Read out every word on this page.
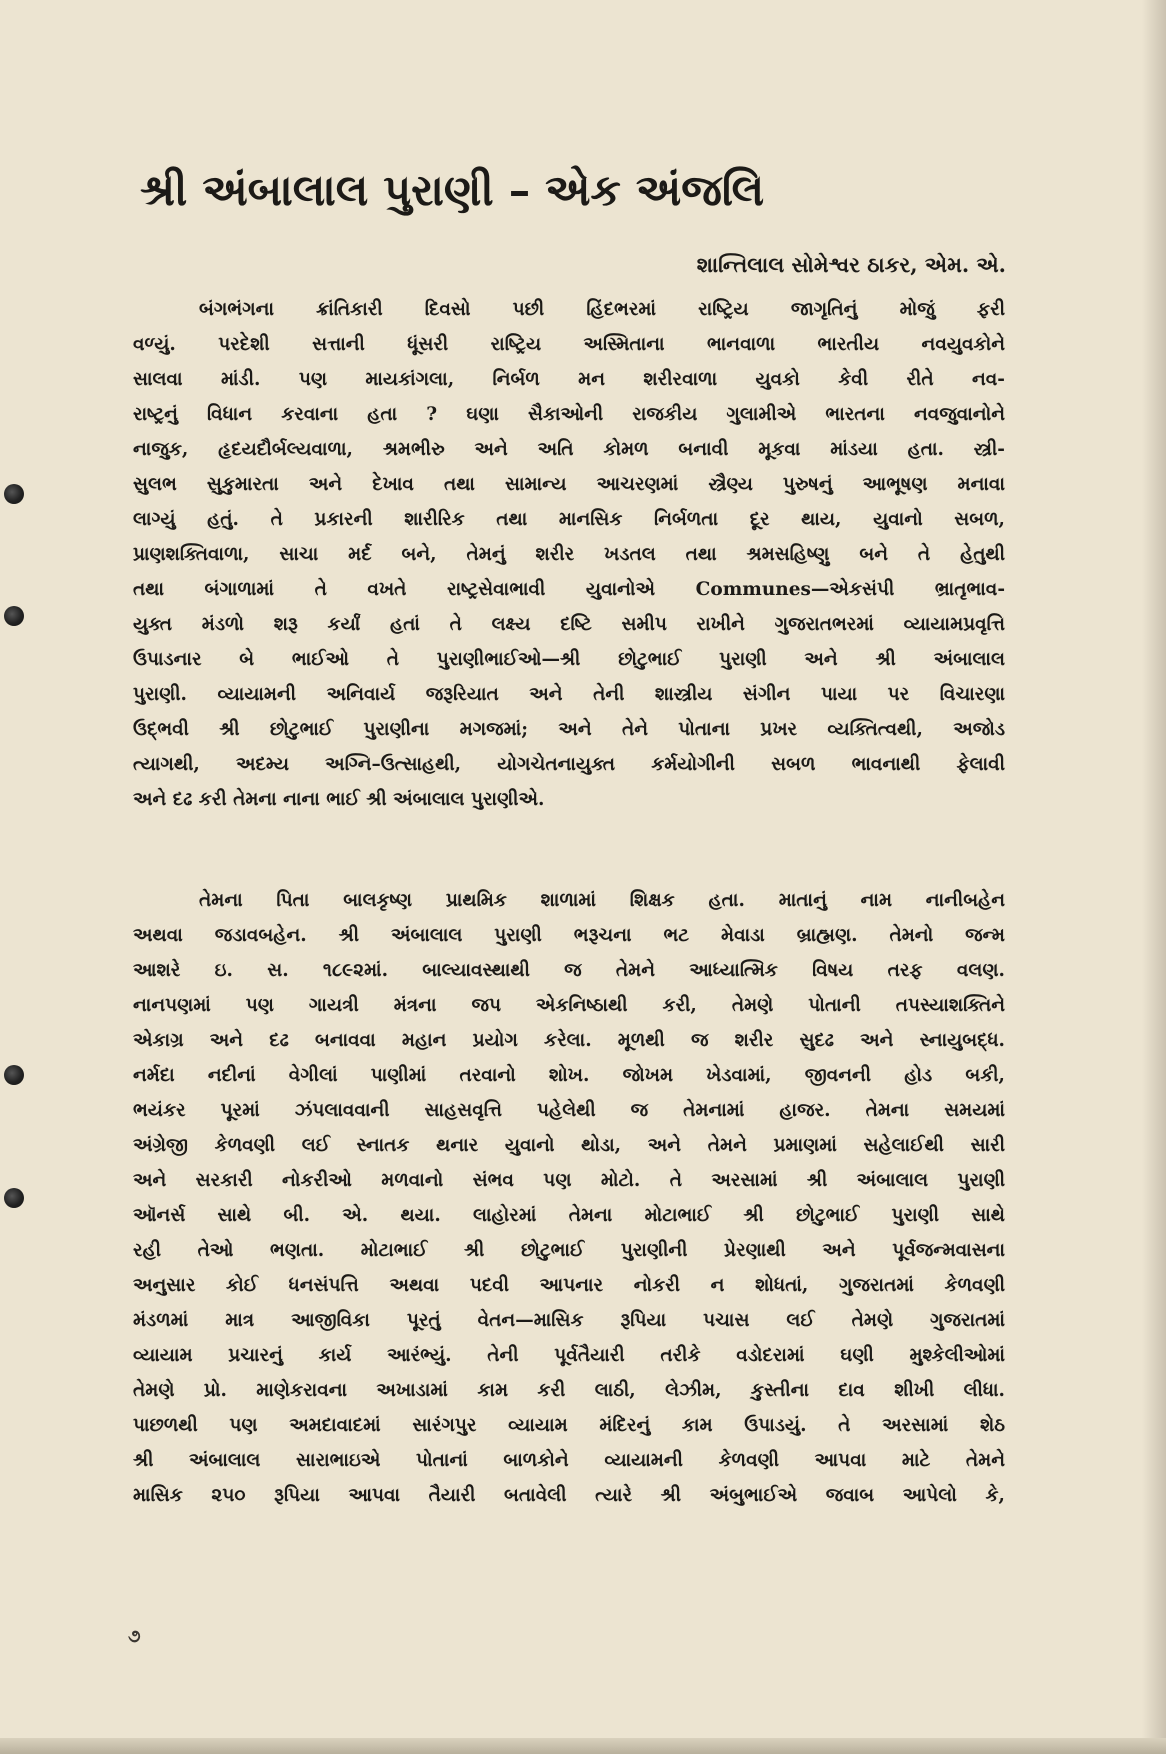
શ્રી અંબાલાલ પુરાણી – એક અંજલિ

શાન્તિલાલ સોમેશ્વર ઠાકર, એમ. એ.

બંગભંગના ક્રાંતિકારી દિવસો પછી હિંદભરમાં રાષ્ટ્રિય જાગૃતિનું મોજું ફરી
વળ્યું. પરદેશી સત્તાની ધૂંસરી રાષ્ટ્રિય અસ્મિતાના ભાનવાળા ભારતીય નવયુવકોને
સાલવા માંડી. પણ માયકાંગલા, નિર્બળ મન શરીરવાળા યુવકો કેવી રીતે નવ-
રાષ્ટ્રનું વિધાન કરવાના હતા ? ઘણા સૈકાઓની રાજકીય ગુલામીએ ભારતના નવજુવાનોને
નાજુક, હૃદયદૌર્બલ્યવાળા, શ્રમભીરુ અને અતિ કોમળ બનાવી મૂકવા માંડયા હતા. સ્ત્રી-
સુલભ સુકુમારતા અને દેખાવ તથા સામાન્ય આચરણમાં સ્ત્રૈણ્ય પુરુષનું આભૂષણ મનાવા
લાગ્યું હતું. તે પ્રકારની શારીરિક તથા માનસિક નિર્બળતા દૂર થાય, યુવાનો સબળ,
પ્રાણશક્તિવાળા, સાચા મર્દ બને, તેમનું શરીર ખડતલ તથા શ્રમસહિષ્ણુ બને તે હેતુથી
તથા બંગાળામાં તે વખતે રાષ્ટ્રસેવાભાવી યુવાનોએ Communes—એકસંપી ભ્રાતૃભાવ-
યુક્ત મંડળો શરૂ કર્યાં હતાં તે લક્ષ્ય દષ્ટિ સમીપ રાખીને ગુજરાતભરમાં વ્યાયામપ્રવૃત્તિ
ઉપાડનાર બે ભાઈઓ તે પુરાણીભાઈઓ—શ્રી છોટુભાઈ પુરાણી અને શ્રી અંબાલાલ
પુરાણી. વ્યાયામની અનિવાર્ય જરૂરિયાત અને તેની શાસ્ત્રીય સંગીન પાયા પર વિચારણા
ઉદ્ભવી શ્રી છોટુભાઈ પુરાણીના મગજમાં; અને તેને પોતાના પ્રખર વ્યક્તિત્વથી, અજોડ
ત્યાગથી, અદમ્ય અગ્નિ–ઉત્સાહથી, યોગચેતનાયુક્ત કર્મયોગીની સબળ ભાવનાથી ફેલાવી
અને દઢ કરી તેમના નાના ભાઈ શ્રી અંબાલાલ પુરાણીએ.
તેમના પિતા બાલકૃષ્ણ પ્રાથમિક શાળામાં શિક્ષક હતા. માતાનું નામ નાનીબહેન
અથવા જડાવબહેન. શ્રી અંબાલાલ પુરાણી ભરૂચના ભટ મેવાડા બ્રાહ્મણ. તેમનો જન્મ
આશરે ઇ. સ. ૧૮૯૨માં. બાલ્યાવસ્થાથી જ તેમને આધ્યાત્મિક વિષય તરફ વલણ.
નાનપણમાં પણ ગાયત્રી મંત્રના જપ એકનિષ્ઠાથી કરી, તેમણે પોતાની તપસ્યાશક્તિને
એકાગ્ર અને દઢ બનાવવા મહાન પ્રયોગ કરેલા. મૂળથી જ શરીર સુદઢ અને સ્નાયુબદ્ધ.
નર્મદા નદીનાં વેગીલાં પાણીમાં તરવાનો શોખ. જોખમ ખેડવામાં, જીવનની હોડ બકી,
ભયંકર પૂરમાં ઝંપલાવવાની સાહસવૃત્તિ પહેલેથી જ તેમનામાં હાજર. તેમના સમયમાં
અંગ્રેજી કેળવણી લઈ સ્નાતક થનાર યુવાનો થોડા, અને તેમને પ્રમાણમાં સહેલાઈથી સારી
અને સરકારી નોકરીઓ મળવાનો સંભવ પણ મોટો. તે અરસામાં શ્રી અંબાલાલ પુરાણી
ઑનર્સ સાથે બી. એ. થયા. લાહોરમાં તેમના મોટાભાઈ શ્રી છોટુભાઈ પુરાણી સાથે
રહી તેઓ ભણતા. મોટાભાઈ શ્રી છોટુભાઈ પુરાણીની પ્રેરણાથી અને પૂર્વજન્મવાસના
અનુસાર કોઈ ધનસંપત્તિ અથવા પદવી આપનાર નોકરી ન શોધતાં, ગુજરાતમાં કેળવણી
મંડળમાં માત્ર આજીવિકા પૂરતું વેતન—માસિક રૂપિયા પચાસ લઈ તેમણે ગુજરાતમાં
વ્યાયામ પ્રચારનું કાર્ય આરંભ્યું. તેની પૂર્વતૈયારી તરીકે વડોદરામાં ઘણી મુશ્કેલીઓમાં
તેમણે પ્રો. માણેકરાવના અખાડામાં કામ કરી લાઠી, લેઝીમ, કુસ્તીના દાવ શીખી લીધા.
પાછળથી પણ અમદાવાદમાં સારંગપુર વ્યાયામ મંદિરનું કામ ઉપાડયું. તે અરસામાં શેઠ
શ્રી અંબાલાલ સારાભાઇએ પોતાનાં બાળકોને વ્યાયામની કેળવણી આપવા માટે તેમને
માસિક ૨૫૦ રૂપિયા આપવા તૈયારી બતાવેલી ત્યારે શ્રી અંબુભાઈએ જવાબ આપેલો કે,

૭
